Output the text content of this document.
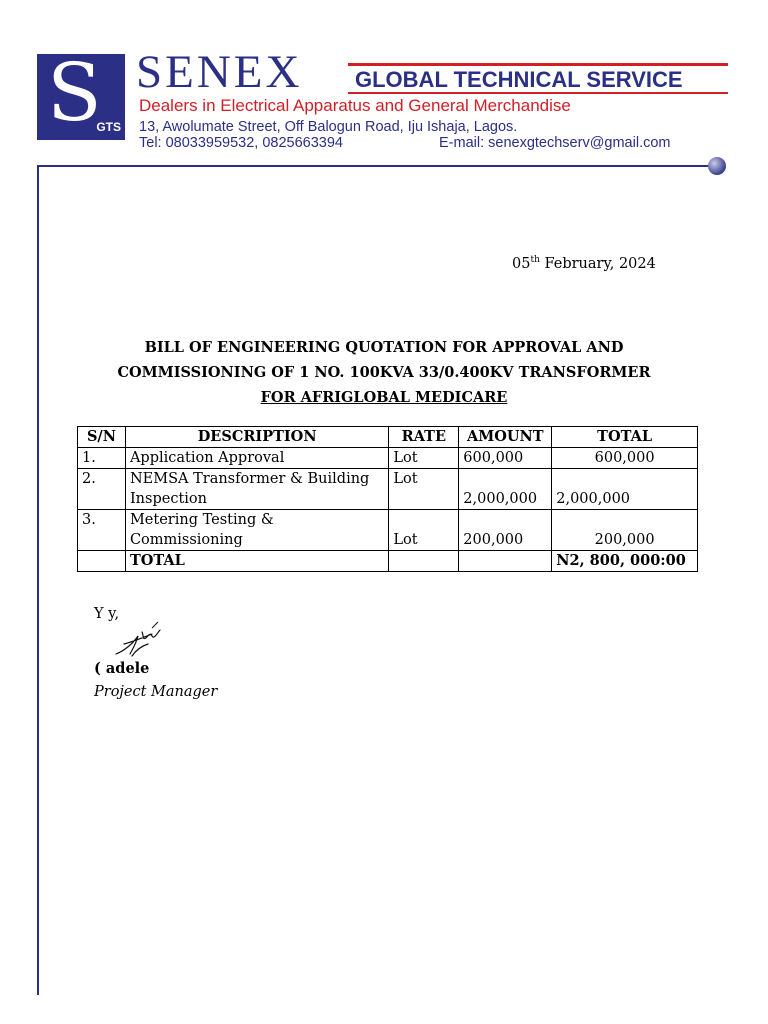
S
GTS
SENEX GLOBAL TECHNICAL SERVICE
Dealers in Electrical Apparatus and General Merchandise
13, Awolumate Street, Off Balogun Road, Iju Ishaja, Lagos.
Tel: 08033959532, 0825663394	E-mail: senexgtechserv@gmail.com
05th February, 2024
BILL OF ENGINEERING QUOTATION FOR APPROVAL AND
COMMISSIONING OF 1 NO. 100KVA 33/0.400KV TRANSFORMER
FOR AFRIGLOBAL MEDICARE
S/N	DESCRIPTION	RATE	AMOUNT	TOTAL
1.	Application Approval	Lot	600,000	600,000
2.	NEMSA Transformer & Building Inspection	Lot	2,000,000	2,000,000
3.	Metering Testing & Commissioning	Lot	200,000	200,000
	TOTAL			N2, 800, 000:00
Y y,
( adele
Project Manager
